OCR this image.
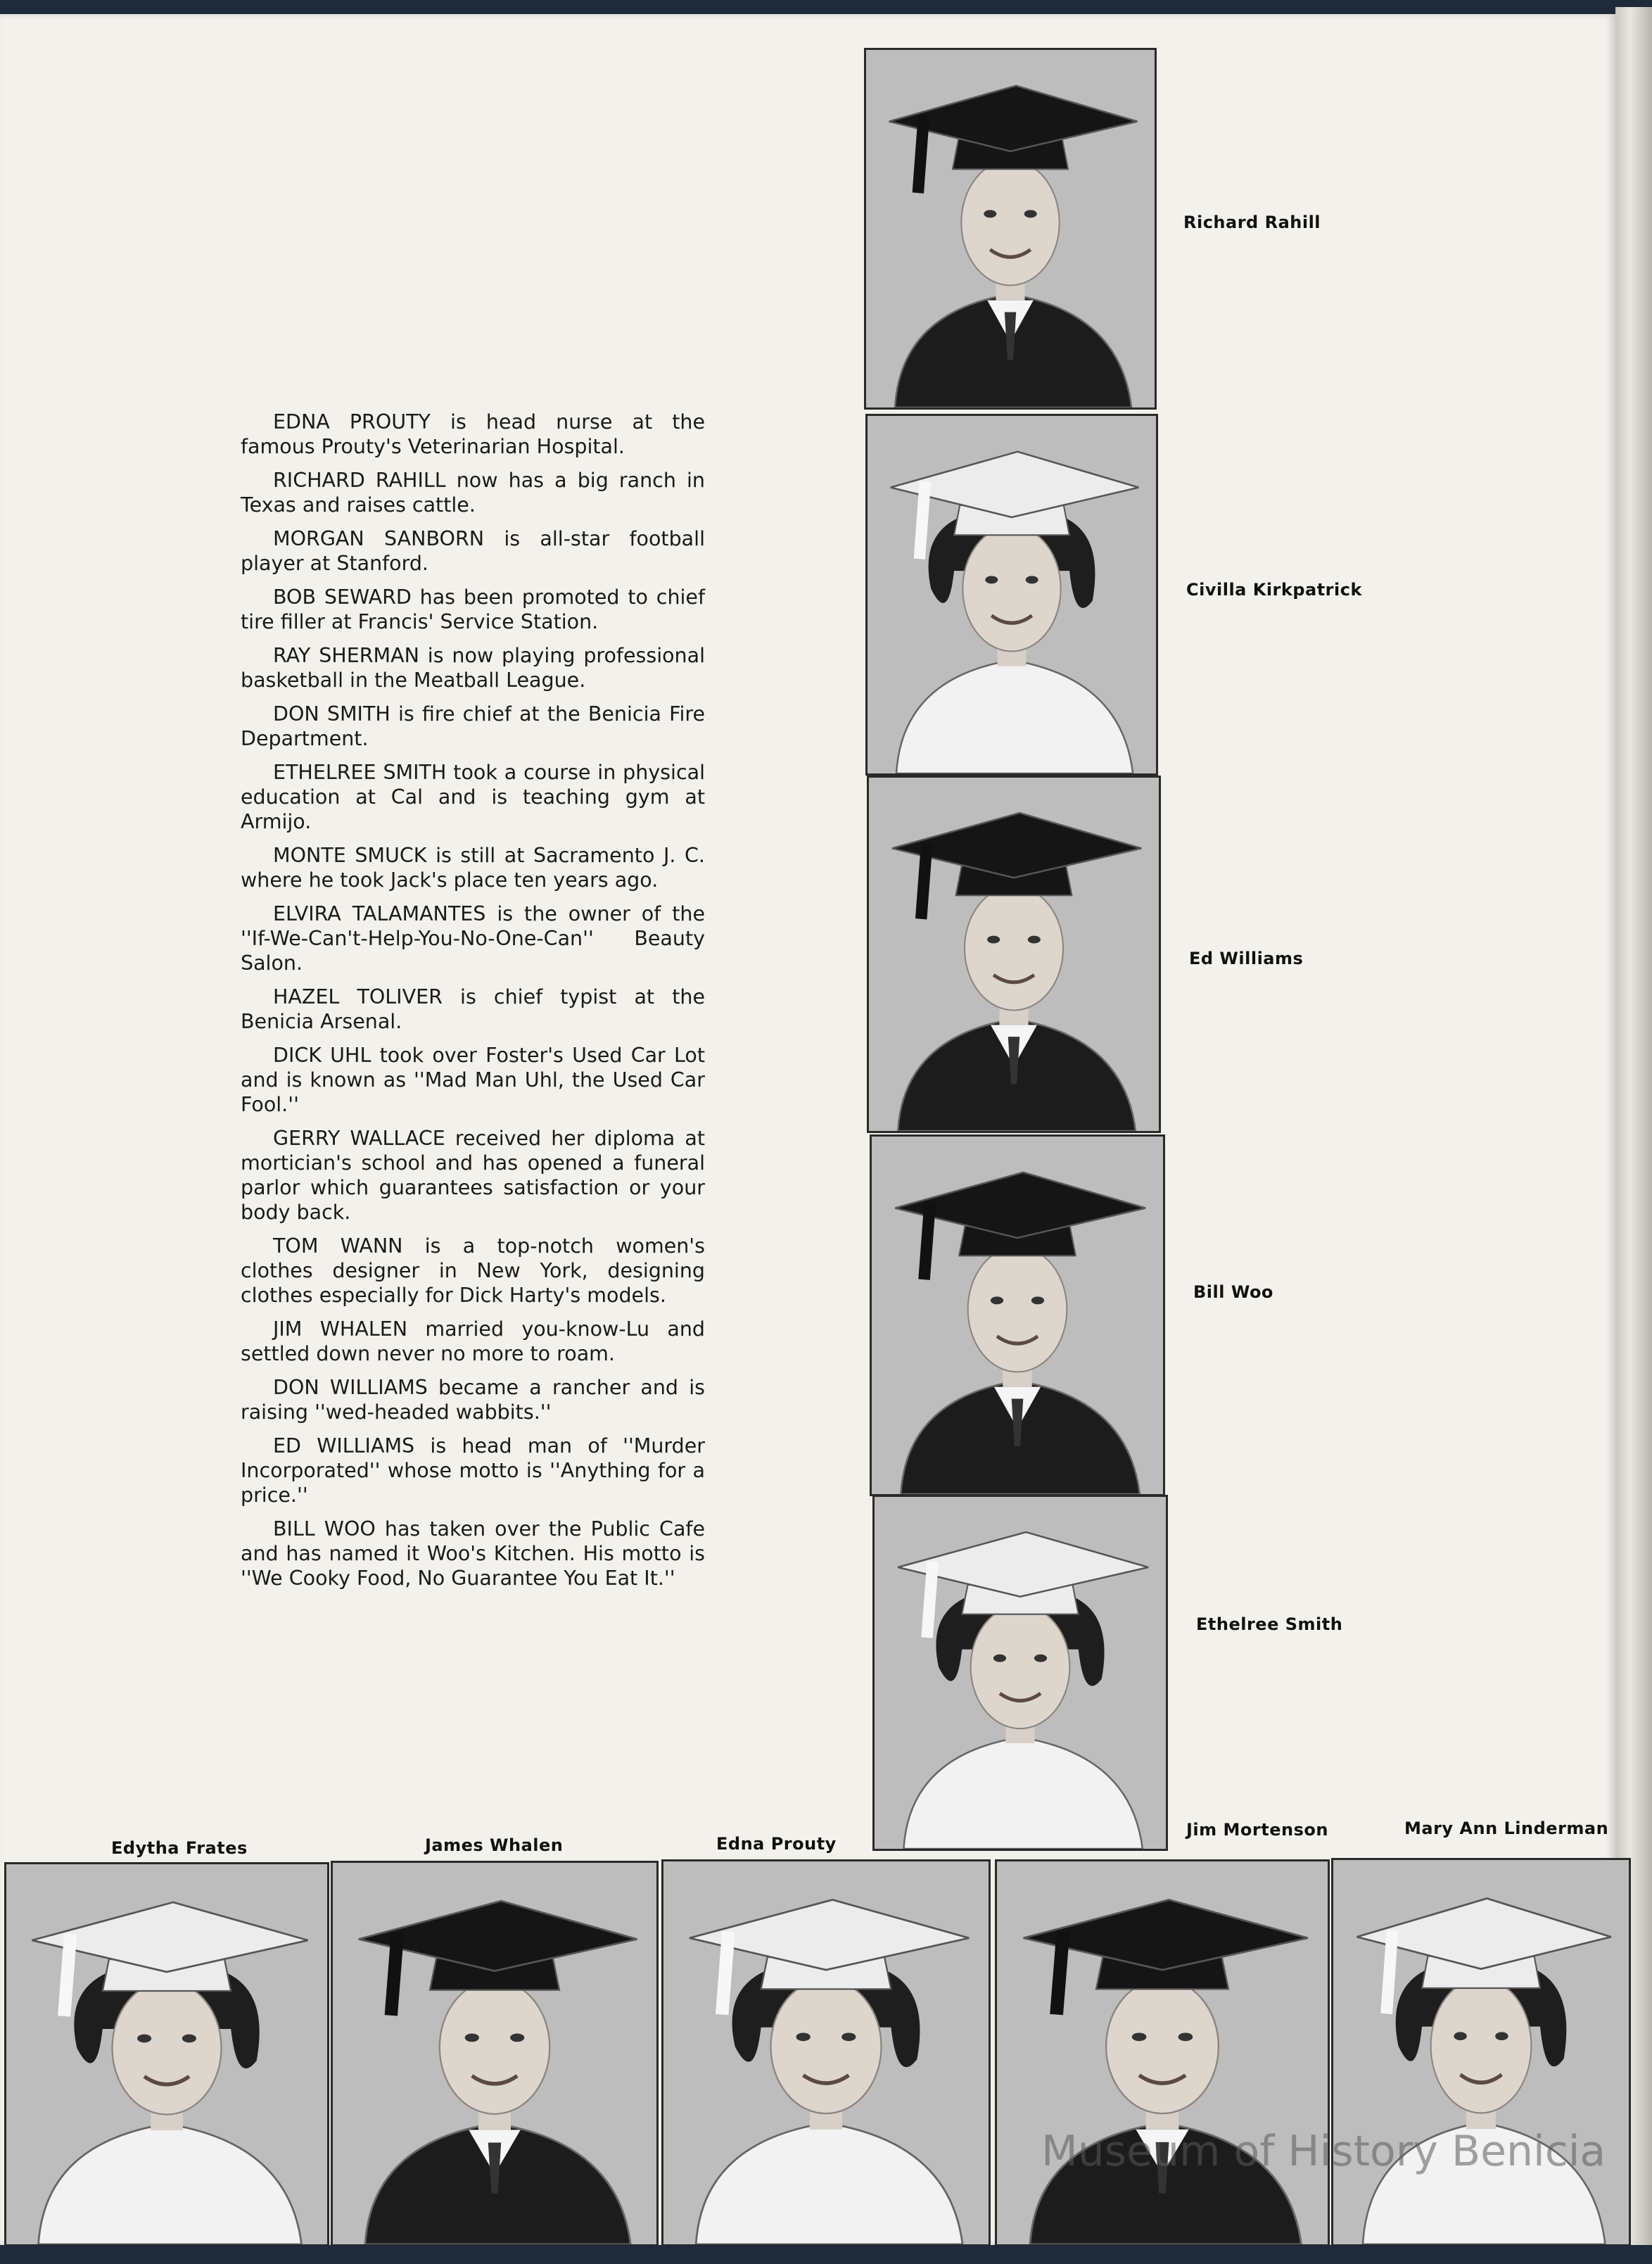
EDNA PROUTY is head nurse at the famous Prouty's Veterinarian Hospital.

RICHARD RAHILL now has a big ranch in Texas and raises cattle.

MORGAN SANBORN is all-star football player at Stanford.

BOB SEWARD has been promoted to chief tire filler at Francis' Service Station.

RAY SHERMAN is now playing professional basketball in the Meatball League.

DON SMITH is fire chief at the Benicia Fire Department.

ETHELREE SMITH took a course in physical education at Cal and is teaching gym at Armijo.

MONTE SMUCK is still at Sacramento J. C. where he took Jack's place ten years ago.

ELVIRA TALAMANTES is the owner of the ''If-We-Can't-Help-You-No-One-Can'' Beauty Salon.

HAZEL TOLIVER is chief typist at the Benicia Arsenal.

DICK UHL took over Foster's Used Car Lot and is known as ''Mad Man Uhl, the Used Car Fool.''

GERRY WALLACE received her diploma at mortician's school and has opened a funeral parlor which guarantees satisfaction or your body back.

TOM WANN is a top-notch women's clothes designer in New York, designing clothes especially for Dick Harty's models.

JIM WHALEN married you-know-Lu and settled down never no more to roam.

DON WILLIAMS became a rancher and is raising ''wed-headed wabbits.''

ED WILLIAMS is head man of ''Murder Incorporated'' whose motto is ''Anything for a price.''

BILL WOO has taken over the Public Cafe and has named it Woo's Kitchen. His motto is ''We Cooky Food, No Guarantee You Eat It.''

Richard Rahill
Civilla Kirkpatrick
Ed Williams
Bill Woo
Ethelree Smith
Edytha Frates	James Whalen	Edna Prouty
Jim Mortenson	Mary Ann Linderman
Museum of History Benicia
